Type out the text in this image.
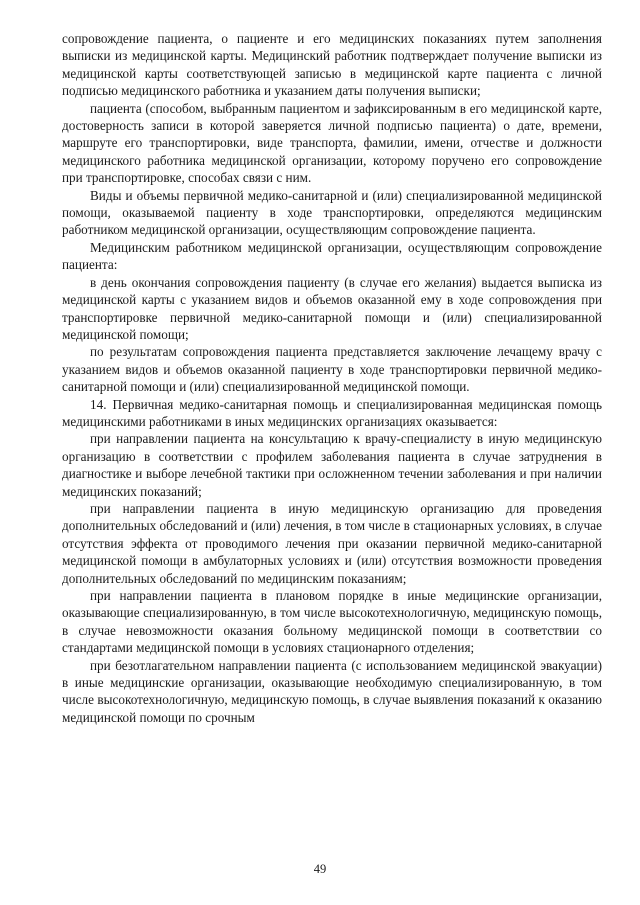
сопровождение пациента, о пациенте и его медицинских показаниях путем заполнения выписки из медицинской карты. Медицинский работник подтверждает получение выписки из медицинской карты соответствующей записью в медицинской карте пациента с личной подписью медицинского работника и указанием даты получения выписки;

пациента (способом, выбранным пациентом и зафиксированным в его медицинской карте, достоверность записи в которой заверяется личной подписью пациента) о дате, времени, маршруте его транспортировки, виде транспорта, фамилии, имени, отчестве и должности медицинского работника медицинской организации, которому поручено его сопровождение при транспортировке, способах связи с ним.

Виды и объемы первичной медико-санитарной и (или) специализированной медицинской помощи, оказываемой пациенту в ходе транспортировки, определяются медицинским работником медицинской организации, осуществляющим сопровождение пациента.

Медицинским работником медицинской организации, осуществляющим сопровождение пациента:

в день окончания сопровождения пациенту (в случае его желания) выдается выписка из медицинской карты с указанием видов и объемов оказанной ему в ходе сопровождения при транспортировке первичной медико-санитарной помощи и (или) специализированной медицинской помощи;

по результатам сопровождения пациента представляется заключение лечащему врачу с указанием видов и объемов оказанной пациенту в ходе транспортировки первичной медико-санитарной помощи и (или) специализированной медицинской помощи.

14. Первичная медико-санитарная помощь и специализированная медицинская помощь медицинскими работниками в иных медицинских организациях оказывается:

при направлении пациента на консультацию к врачу-специалисту в иную медицинскую организацию в соответствии с профилем заболевания пациента в случае затруднения в диагностике и выборе лечебной тактики при осложненном течении заболевания и при наличии медицинских показаний;

при направлении пациента в иную медицинскую организацию для проведения дополнительных обследований и (или) лечения, в том числе в стационарных условиях, в случае отсутствия эффекта от проводимого лечения при оказании первичной медико-санитарной медицинской помощи в амбулаторных условиях и (или) отсутствия возможности проведения дополнительных обследований по медицинским показаниям;

при направлении пациента в плановом порядке в иные медицинские организации, оказывающие специализированную, в том числе высокотехнологичную, медицинскую помощь, в случае невозможности оказания больному медицинской помощи в соответствии со стандартами медицинской помощи в условиях стационарного отделения;

при безотлагательном направлении пациента (с использованием медицинской эвакуации) в иные медицинские организации, оказывающие необходимую специализированную, в том числе высокотехнологичную, медицинскую помощь, в случае выявления показаний к оказанию медицинской помощи по срочным

49
